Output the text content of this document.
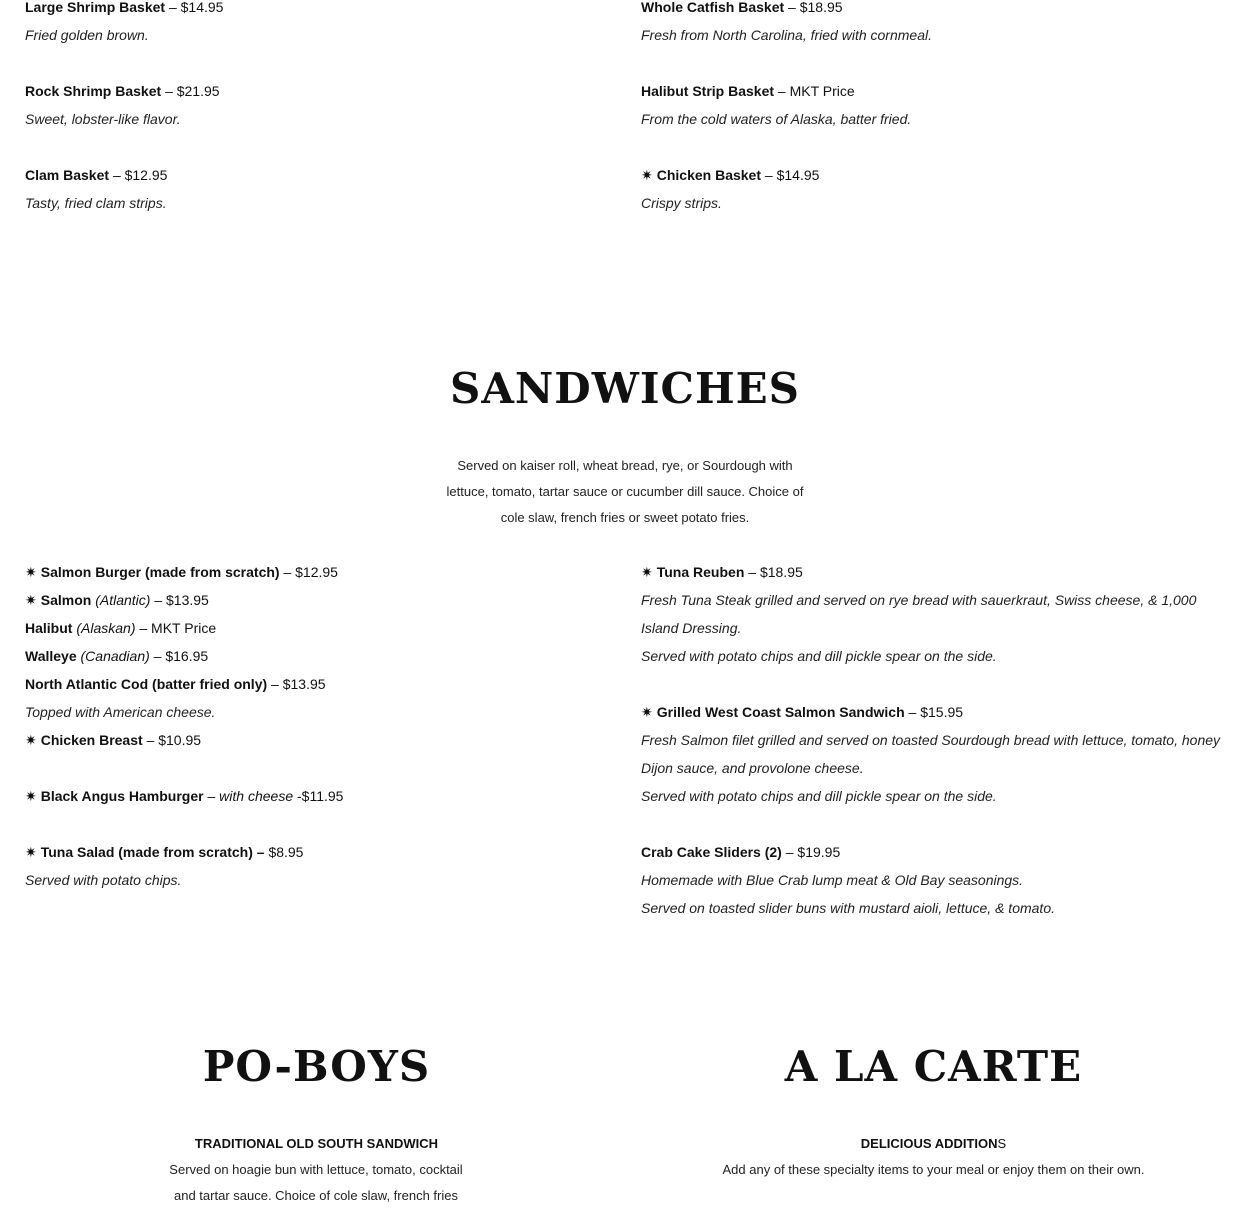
Large Shrimp Basket – $14.95
Fried golden brown.
Rock Shrimp Basket – $21.95
Sweet, lobster-like flavor.
Clam Basket – $12.95
Tasty, fried clam strips.
Whole Catfish Basket – $18.95
Fresh from North Carolina, fried with cornmeal.
Halibut Strip Basket – MKT Price
From the cold waters of Alaska, batter fried.
✷ Chicken Basket – $14.95
Crispy strips.
SANDWICHES
Served on kaiser roll, wheat bread, rye, or Sourdough with
lettuce, tomato, tartar sauce or cucumber dill sauce. Choice of
cole slaw, french fries or sweet potato fries.
✷ Salmon Burger (made from scratch) – $12.95
✷ Salmon (Atlantic) – $13.95
Halibut (Alaskan) – MKT Price
Walleye (Canadian) – $16.95
North Atlantic Cod (batter fried only) – $13.95
Topped with American cheese.
✷ Chicken Breast – $10.95
✷ Black Angus Hamburger – with cheese -$11.95
✷ Tuna Salad (made from scratch) – $8.95
Served with potato chips.
✷ Tuna Reuben – $18.95
Fresh Tuna Steak grilled and served on rye bread with sauerkraut, Swiss cheese, & 1,000 Island Dressing.
Served with potato chips and dill pickle spear on the side.
✷ Grilled West Coast Salmon Sandwich – $15.95
Fresh Salmon filet grilled and served on toasted Sourdough bread with lettuce, tomato, honey Dijon sauce, and provolone cheese.
Served with potato chips and dill pickle spear on the side.
Crab Cake Sliders (2) – $19.95
Homemade with Blue Crab lump meat & Old Bay seasonings.
Served on toasted slider buns with mustard aioli, lettuce, & tomato.
PO-BOYS
TRADITIONAL OLD SOUTH SANDWICH
Served on hoagie bun with lettuce, tomato, cocktail
and tartar sauce. Choice of cole slaw, french fries
A LA CARTE
DELICIOUS ADDITIONS
Add any of these specialty items to your meal or enjoy them on their own.
